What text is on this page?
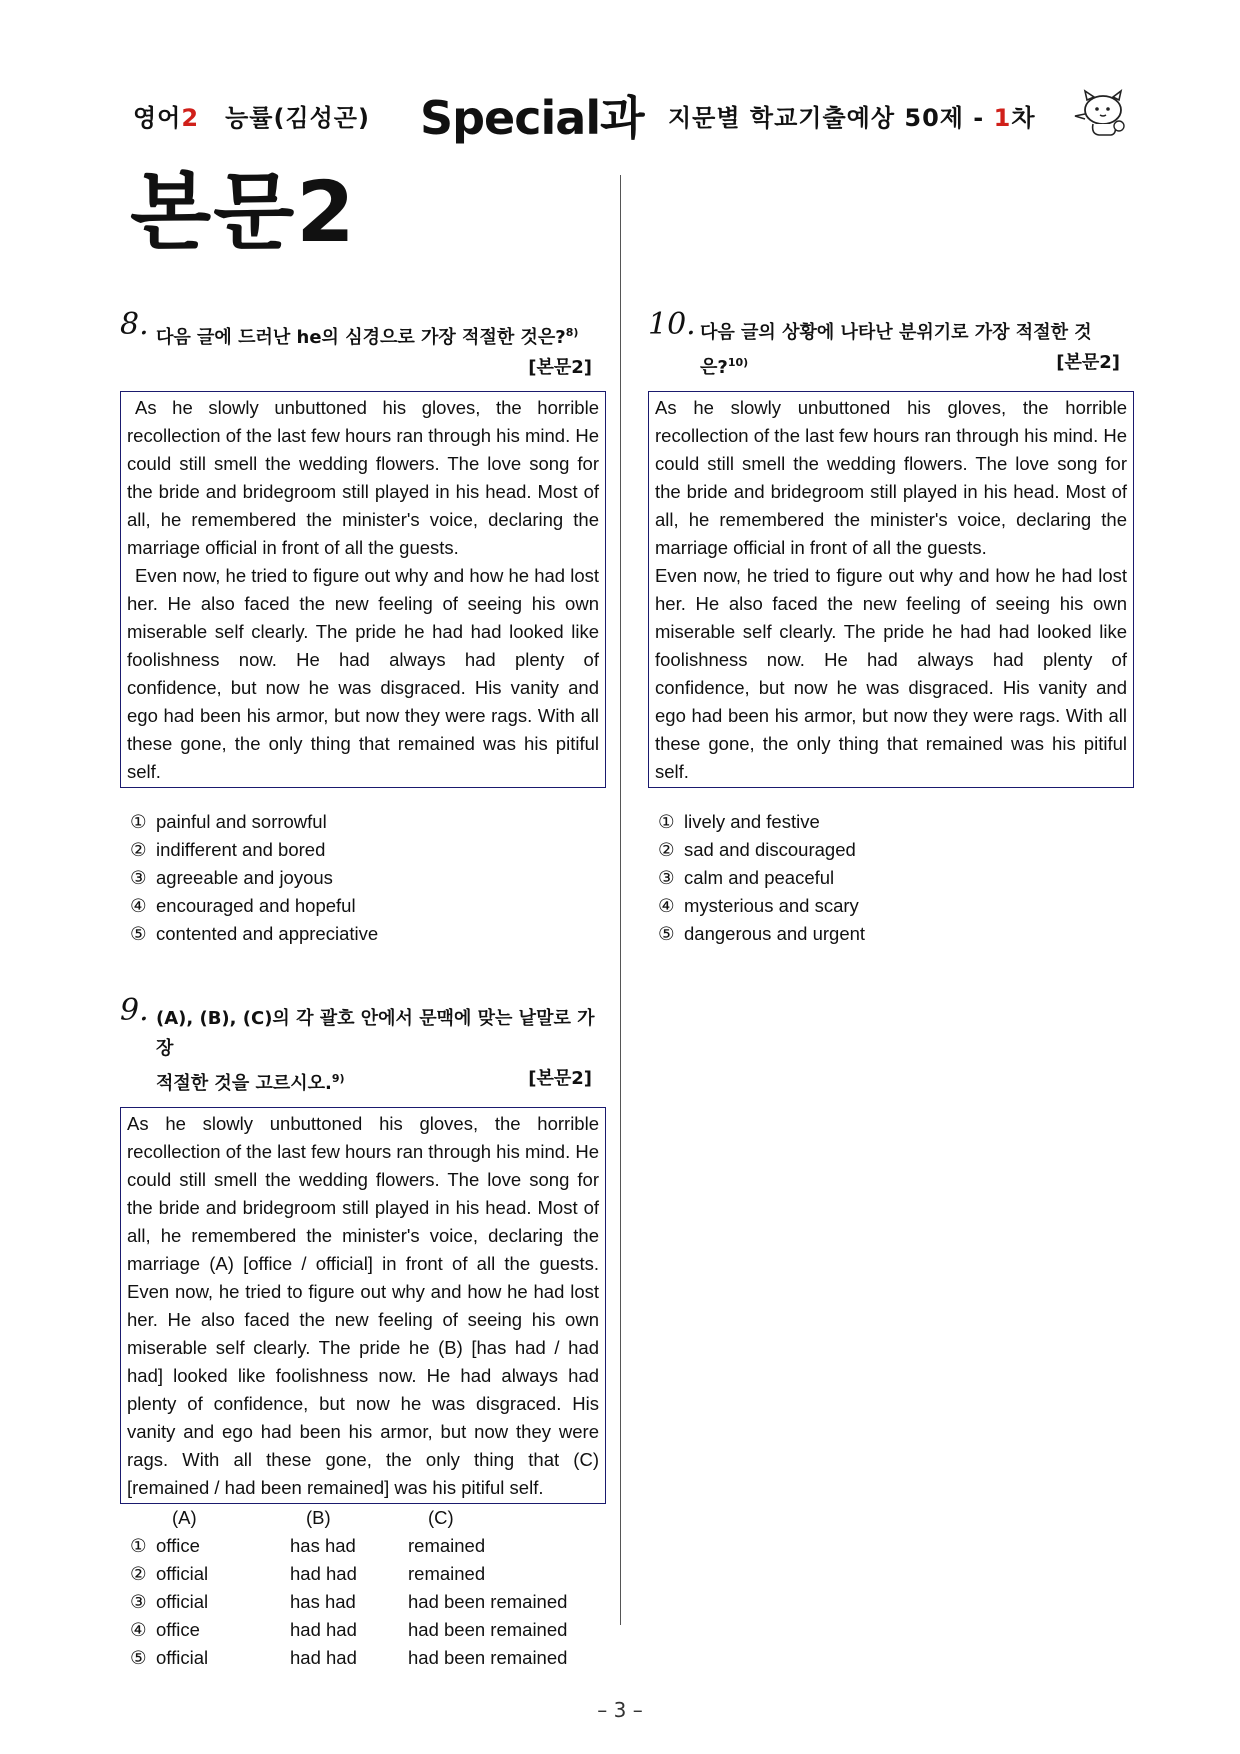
영어2 능률(김성곤) Special과 지문별 학교기출예상 50제 - 1차
본문2
8. 다음 글에 드러난 he의 심경으로 가장 적절한 것은?$^{8)}$
[본문2]

As he slowly unbuttoned his gloves, the horrible recollection of the last few hours ran through his mind. He could still smell the wedding flowers. The love song for the bride and bridegroom still played in his head. Most of all, he remembered the minister's voice, declaring the marriage official in front of all the guests.

Even now, he tried to figure out why and how he had lost her. He also faced the new feeling of seeing his own miserable self clearly. The pride he had had looked like foolishness now. He had always had plenty of confidence, but now he was disgraced. His vanity and ego had been his armor, but now they were rags. With all these gone, the only thing that remained was his pitiful self.

① painful and sorrowful
② indifferent and bored
③ agreeable and joyous
④ encouraged and hopeful
⑤ contented and appreciative
9. (A), (B), (C)의 각 괄호 안에서 문맥에 맞는 낱말로 가장
적절한 것을 고르시오.$^{9)}$	[본문2]

As he slowly unbuttoned his gloves, the horrible recollection of the last few hours ran through his mind. He could still smell the wedding flowers. The love song for the bride and bridegroom still played in his head. Most of all, he remembered the minister's voice, declaring the marriage (A) [office / official] in front of all the guests. Even now, he tried to figure out why and how he had lost her. He also faced the new feeling of seeing his own miserable self clearly. The pride he (B) [has had / had had] looked like foolishness now. He had always had plenty of confidence, but now he was disgraced. His vanity and ego had been his armor, but now they were rags. With all these gone, the only thing that (C) [remained / had been remained] was his pitiful self.

(A)	(B)	(C)
① office	has had	remained
② official	had had	remained
③ official	has had	had been remained
④ office	had had	had been remained
⑤ official	had had	had been remained
10. 다음 글의 상황에 나타난 분위기로 가장 적절한 것
은?$^{10)}$	[본문2]

As he slowly unbuttoned his gloves, the horrible recollection of the last few hours ran through his mind. He could still smell the wedding flowers. The love song for the bride and bridegroom still played in his head. Most of all, he remembered the minister's voice, declaring the marriage official in front of all the guests.

Even now, he tried to figure out why and how he had lost her. He also faced the new feeling of seeing his own miserable self clearly. The pride he had had looked like foolishness now. He had always had plenty of confidence, but now he was disgraced. His vanity and ego had been his armor, but now they were rags. With all these gone, the only thing that remained was his pitiful self.

① lively and festive
② sad and discouraged
③ calm and peaceful
④ mysterious and scary
⑤ dangerous and urgent
– 3 –
